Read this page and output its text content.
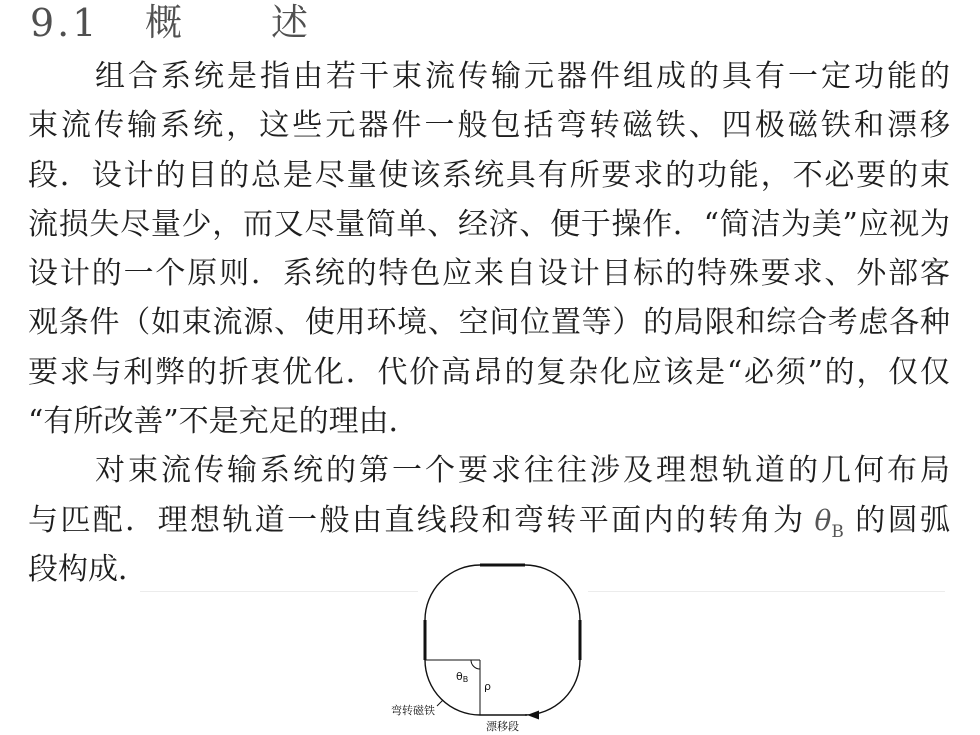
9.1 概述
组合系统是指由若干束流传输元器件组成的具有一定功能的
束流传输系统，这些元器件一般包括弯转磁铁、四极磁铁和漂移
段．设计的目的总是尽量使该系统具有所要求的功能，不必要的束
流损失尽量少，而又尽量简单、经济、便于操作．“简洁为美”应视为
设计的一个原则．系统的特色应来自设计目标的特殊要求、外部客
观条件（如束流源、使用环境、空间位置等）的局限和综合考虑各种
要求与利弊的折衷优化．代价高昂的复杂化应该是“必须”的，仅仅
“有所改善”不是充足的理由．
对束流传输系统的第一个要求往往涉及理想轨道的几何布局
与匹配．理想轨道一般由直线段和弯转平面内的转角为 $\theta_B$ 的圆弧
段构成．
θB
ρ
弯转磁铁
漂移段
